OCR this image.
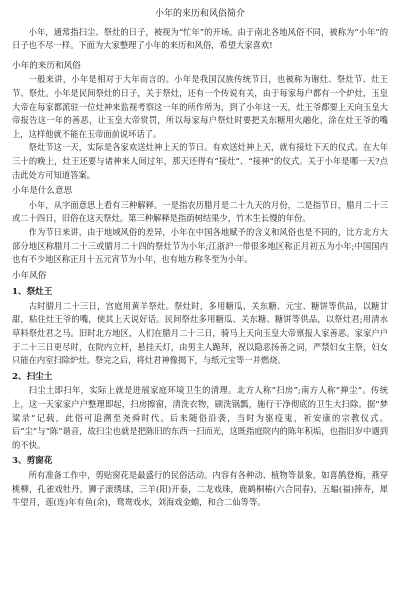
小年的来历和风俗简介

小年，通常指扫尘、祭灶的日子，被视为“忙年”的开场。由于南北各地风俗不同，被称为“小年”的日子也不尽一样。下面为大家整理了小年的来历和风俗，希望大家喜欢!

小年的来历和风俗

一般来讲，小年是相对于大年而言的。小年是我国汉族传统节日，也被称为谢灶、祭灶节、灶王节、祭灶。小年是民间祭灶的日子，关于祭灶，还有一个传说有关，由于每家每户都有一个炉灶，玉皇大帝在每家都派驻一位灶神来监视考察这一年的所作所为，到了小年这一天，灶王爷都要上天向玉皇大帝报告这一年的善恶，让玉皇大帝赏罚，所以每家每户祭灶时要把关东糖用火融化，涂在灶王爷的嘴上，这样他就不能在玉帝面前说坏话了。

祭灶节这一天，实际是各家欢送灶神上天的节日。有欢送灶神上天，就有接灶下天的仪式。在大年三十的晚上，灶王还要与诸神来人间过年，那天还得有“接灶”、“接神”的仪式。关于小年是哪一天?点击此处方可知道答案。

小年是什么意思

小年，从字面意思上看有三种解释。一是指农历腊月是二十九天的月份，二是指节日，腊月二十三或二十四日，旧俗在这天祭灶。第三种解释是指荫树结果少，竹木生长慢的年份。

作为节日来讲，由于地域风俗的差异，小年在中国各地赋予的含义和风俗也是不同的，比方北方大部分地区称腊月二十三或腊月二十四的祭灶节为小年;江浙沪一带很多地区称正月初五为小年;中国国内也有不少地区称正月十五元宵节为小年，也有地方称冬至为小年。

小年风俗
1、祭灶王

古时腊月二十三日，宫庭用黄羊祭灶。祭灶时，多用糖瓜、关东糖、元宝、糖饼等供品，以糖甘甜，粘住灶王爷的嘴，使其上天说好话。民间祭灶多用糖瓜、关东糖、糖饼等供品，以祭灶君;用清水草料祭灶君之马。旧时北方地区，人们在腊月二十三日，骑马上天向玉皇大帝禀报人家善恶。家家户户于二十三日更尽时，在院内立杆，悬挂天灯，由男主人跪拜，祝以隐恶扬善之词，严禁妇女主祭，妇女只能在内室扫除炉灶。祭完之后，将灶君神像揭下，与纸元宝等一并燃烧。

2、扫尘土

扫尘土即扫年，实际上就是进展家庭环境卫生的清理。北方人称“扫房”;南方人称“掸尘”。传统上，这一天家家户户整理即起，扫房擦窗，清洗衣物，刷洗锅瓢，施行干净彻底的卫生大扫除。据“梦粱录”记载，此俗可追溯至尧舜时代。后来随俗沿袭，当时为驱疫鬼，祈安康的宗教仪式。后“尘”与“陈”谐音，故扫尘也就是把陈旧的东西一扫而光，这既指庭院内的陈年积垢，也指旧岁中遇到的不快。

3、剪窗花

所有准备工作中，剪贴窗花是最盛行的民俗活动。内容有各种动、植物等景象，如喜鹊登梅，燕穿桃柳，孔雀戏牡丹，狮子滚绣球，三羊(阳)开泰，二龙戏珠，鹿鹤桐椿(六合同春)，五蝠(福)捧寿，犀牛望月，莲(连)年有鱼(余)，鸳鸯戏水，刘海戏金蟾，和合二仙等等。
